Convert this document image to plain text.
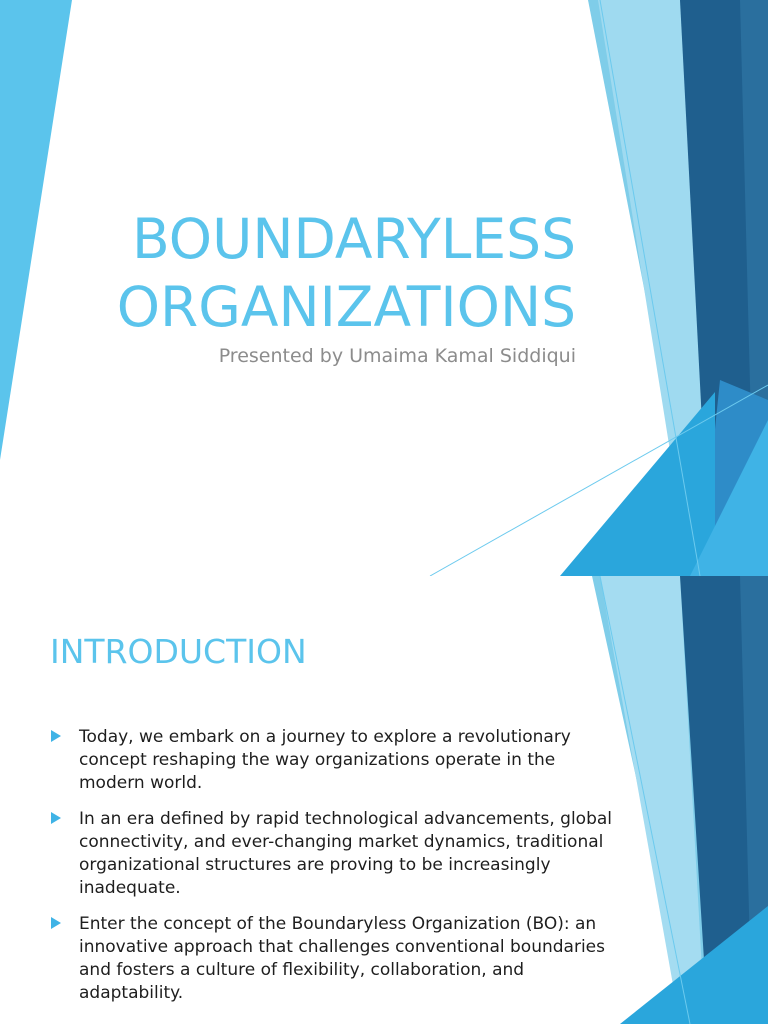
BOUNDARYLESS
ORGANIZATIONS

Presented by Umaima Kamal Siddiqui

INTRODUCTION
Today, we embark on a journey to explore a revolutionary concept reshaping the way organizations operate in the modern world.
In an era defined by rapid technological advancements, global connectivity, and ever-changing market dynamics, traditional organizational structures are proving to be increasingly inadequate.
Enter the concept of the Boundaryless Organization (BO): an innovative approach that challenges conventional boundaries and fosters a culture of flexibility, collaboration, and adaptability.
